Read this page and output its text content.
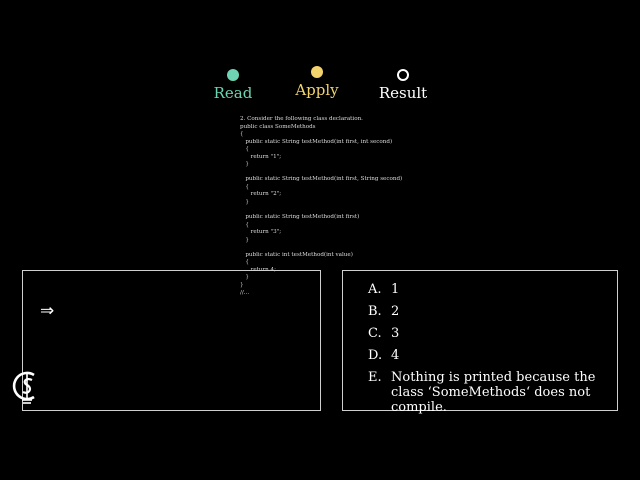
Read	Apply	Result
2. Consider the following class declaration.
public class SomeMethods
{
public static String testMethod(int first, int second)
{
return "1";
}

public static String testMethod(int first, String second)
{
return "2";
}

public static String testMethod(int first)
{
return "3";
}

public static int testMethod(int value)
{
return 4;
}
}
//...
⇒
A. 1
B. 2
C. 3
D. 4
E. Nothing is printed because the class ‘SomeMethods‘ does not compile.
